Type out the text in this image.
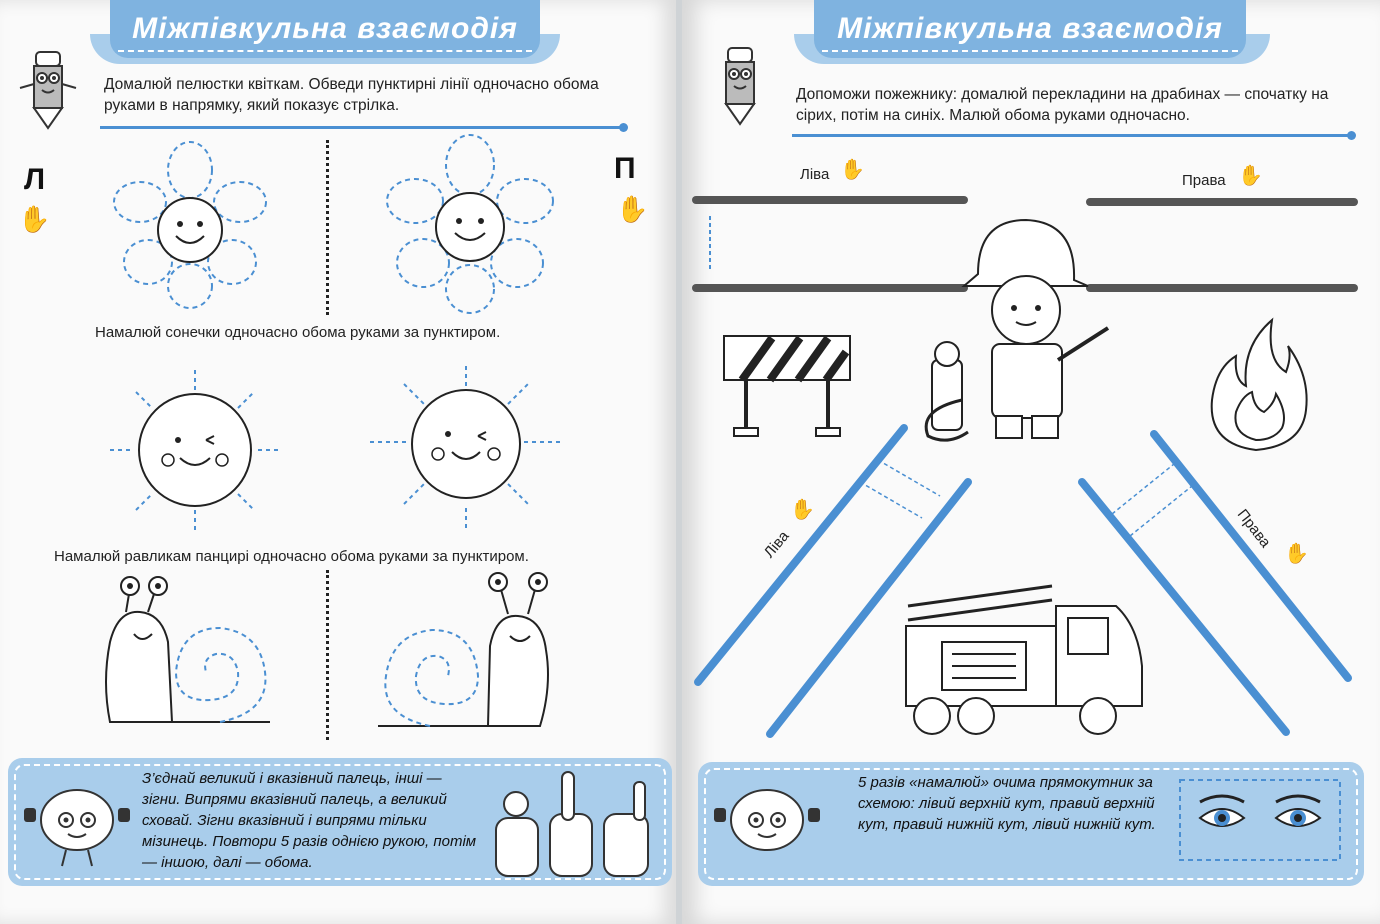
Міжпівкульна взаємодія
Домалюй пелюстки квіткам. Обведи пунктирні лінії одночасно обома руками в напрямку, який показує стрілка.
Л
✋
П
✋
Намалюй сонечки одночасно обома руками за пунктиром.
Намалюй равликам панцирі одночасно обома руками за пунктиром.
З’єднай великий і вказівний палець, інші — зігни. Випрями вказівний палець, а великий сховай. Зігни вказівний і випрями тільки мізинець. Повтори 5 разів однією рукою, потім — іншою, далі — обома.
Міжпівкульна взаємодія
Допоможи пожежнику: домалюй перекладини на драбинах — спочатку на сірих, потім на синіх. Малюй обома руками одночасно.
Ліва ✋	Права ✋
Ліва
✋	Права
✋
5 разів «намалюй» очима прямокутник за схемою: лівий верхній кут, правий верхній кут, правий нижній кут, лівий нижній кут.
